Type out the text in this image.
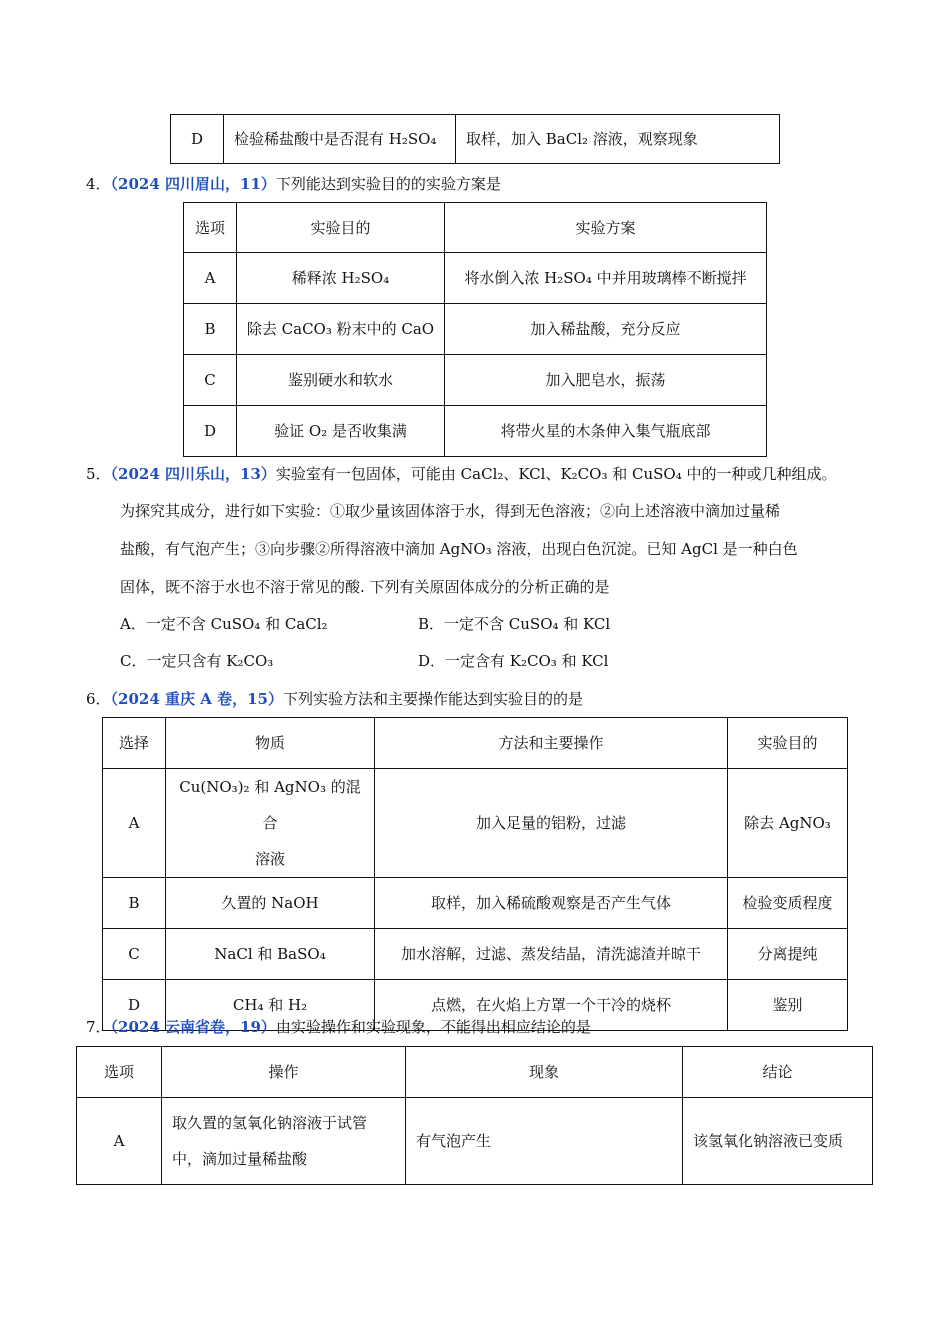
D	检验稀盐酸中是否混有 H₂SO₄	取样，加入 BaCl₂ 溶液，观察现象
4．（2024 四川眉山，11）下列能达到实验目的的实验方案是
选项	实验目的	实验方案
A	稀释浓 H₂SO₄	将水倒入浓 H₂SO₄ 中并用玻璃棒不断搅拌
B	除去 CaCO₃ 粉末中的 CaO	加入稀盐酸，充分反应
C	鉴别硬水和软水	加入肥皂水，振荡
D	验证 O₂ 是否收集满	将带火星的木条伸入集气瓶底部
5．（2024 四川乐山，13）实验室有一包固体，可能由 CaCl₂、KCl、K₂CO₃ 和 CuSO₄ 中的一种或几种组成。
为探究其成分，进行如下实验：①取少量该固体溶于水，得到无色溶液；②向上述溶液中滴加过量稀
盐酸，有气泡产生；③向步骤②所得溶液中滴加 AgNO₃ 溶液，出现白色沉淀。已知 AgCl 是一种白色
固体，既不溶于水也不溶于常见的酸. 下列有关原固体成分的分析正确的是
A．一定不含 CuSO₄ 和 CaCl₂	B．一定不含 CuSO₄ 和 KCl
C．一定只含有 K₂CO₃	D．一定含有 K₂CO₃ 和 KCl
6．（2024 重庆 A 卷，15）下列实验方法和主要操作能达到实验目的的是
选择	物质	方法和主要操作	实验目的
A	Cu(NO₃)₂ 和 AgNO₃ 的混合
溶液	加入足量的铝粉，过滤	除去 AgNO₃
B	久置的 NaOH	取样，加入稀硫酸观察是否产生气体	检验变质程度
C	NaCl 和 BaSO₄	加水溶解，过滤、蒸发结晶，清洗滤渣并晾干	分离提纯
D	CH₄ 和 H₂	点燃，在火焰上方罩一个干冷的烧杯	鉴别
7．（2024 云南省卷，19）由实验操作和实验现象，不能得出相应结论的是
选项	操作	现象	结论
A	取久置的氢氧化钠溶液于试管
中，滴加过量稀盐酸	有气泡产生	该氢氧化钠溶液已变质
